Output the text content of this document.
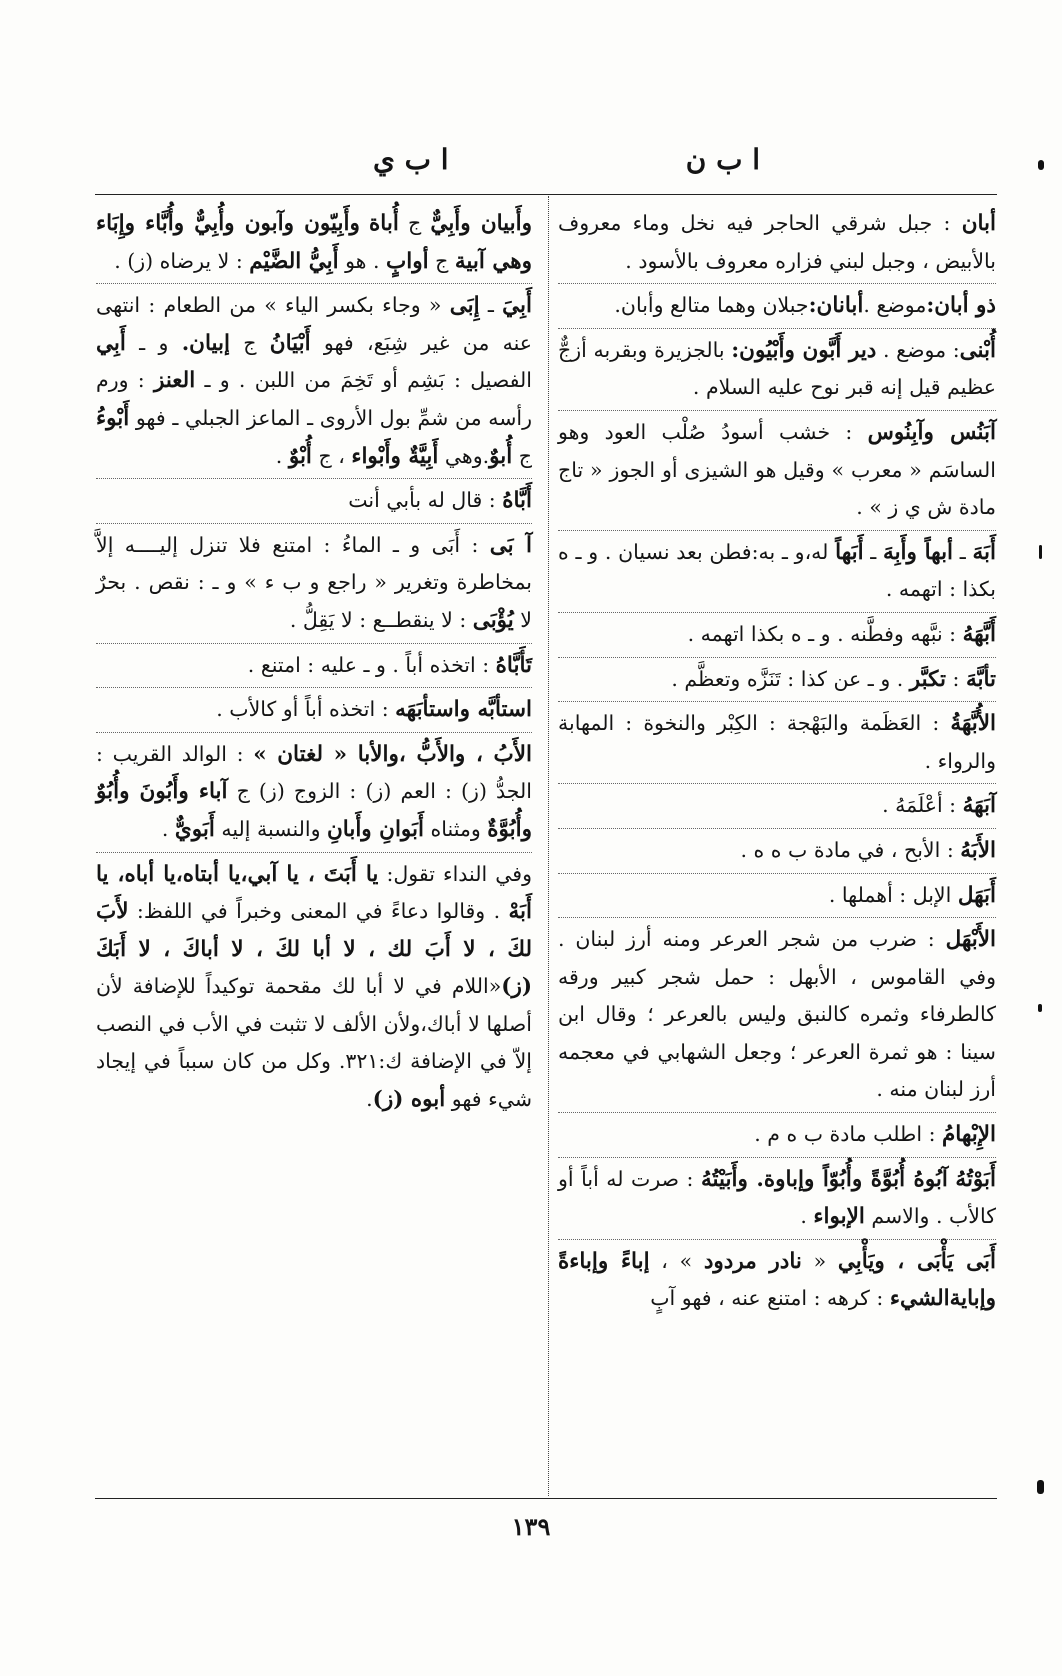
ا ب ن
ا ب ي

أبان : جبل شرقي الحاجر فيه نخل وماء معروف بالأبيض ، وجبل لبني فزاره معروف بالأسود .

ذو أبان:موضع .أبانان:جبلان وهما متالع وأبان.

أُبْنى: موضع . دير أَبَّون وأَبْيُون: بالجزيرة وبقربه أزجٌّ عظيم قيل إنه قبر نوح عليه السلام .

آبَنُس وآبِنُوس : خشب أسودُ صُلْب العود وهو الساسَم « معرب » وقيل هو الشيزى أو الجوز « تاج مادة ش ي ز » .

أَبَهَ ـ أبهاً وأَبِهَ ـ أَبَهاً له،و ـ به:فطن بعد نسيان . و ـ ه بكذا : اتهمه .

أَبَّهَهُ : نبَّهه وفطَّنه . و ـ ه بكذا اتهمه .

تأبَّهَ : تكبَّر . و ـ عن كذا : تَنَزَّه وتعظَّم .

الأُبَّهَةُ : العَظَمة والبَهْجة : الكِبْر والنخوة : المهابة والرواء .

آبَهَهُ : أعْلَمَهُ .

الأَبَهُ : الأبح ، في مادة ب ه ه .

أَبَهَل الإبل : أهملها .

الأَبْهَل : ضرب من شجر العرعر ومنه أرز لبنان . وفي القاموس ، الأبهل : حمل شجر كبير ورقه كالطرفاء وثمره كالنبق وليس بالعرعر ؛ وقال ابن سينا : هو ثمرة العرعر ؛ وجعل الشهابي في معجمه أرز لبنان منه .

الإِبْهامُ : اطلب مادة ب ه م .

أَبَوْتُهُ آبُوهُ أُبُوَّةً وأُبُوّاً وإباوة. وأَبَيْتُهُ : صرت له أباً أو كالأب . والاسم الإبواء .

أَبَى يَأْبَى ، ويَأْبِي « نادر مردود » ، إباءً وإباءةً وإبايةالشيء : كرهه : امتنع عنه ، فهو آبٍ

وأَبيان وأَبِيٌّ ج أُباة وأَبِيّون وآبون وأُبِيٌّ وأُبَّاء وإِبَاء وهي آبية ج أوابٍ . هو أَبِيُّ الضَّيْم : لا يرضاه (ز) .

أَبِيَ ـ إِبَى « وجاء بكسر الياء » من الطعام : انتهى عنه من غير شِبَع، فهو أَبْيَانُ ج إبيان. و ـ أَبِي الفصيل : بَشِم أو تَخِمَ من اللبن . و ـ العنز : ورم رأسه من شمِّ بول الأروى ـ الماعز الجبلي ـ فهو أَبْوءُ ج أُبوٌ.وهي أَبِيَّةٌ وأَبْواء ، ج أُبْوٌ .

أَبَّاهُ : قال له بأبي أنت

آ بَى : أَبَى و ـ الماءُ : امتنع فلا تنزل إليــــه إلاَّ بمخاطرة وتغرير « راجع و ب ء » و ـ : نقص . بحرٌ لا يُؤْبَى : لا ينقطــع : لا يَقِلُّ .

تَأَبَّاهُ : اتخذه أباً . و ـ عليه : امتنع .

استأبَّه واستأبَهَه : اتخذه أباً أو كالأب .

الأَبُ ، والأَبُّ ،والأبا « لغتان » : الوالد القريب : الجدُّ (ز) : العم (ز) : الزوج (ز) ج آباء وأَبُونَ وأُبُوٌ وأُبُوَّةٌ ومثناه أَبَوانِ وأَبانِ والنسبة إليه أَبَويٌّ .

وفي النداء تقول: يا أَبَتَ ، يا آبي،يا أبتاه،يا أباه، يا أَبَهْ . وقالوا دعاءً في المعنى وخبراً في اللفظ: لأَبَ لكَ ، لا أَبَ لك ، لا أبا لكَ ، لا أباكَ ، لا أَبَكَ (ز)«اللام في لا أبا لك مقحمة توكيداً للإضافة لأن أصلها لا أباك،ولأن الألف لا تثبت في الأب في النصب إلاّ في الإضافة ك:٣٢١. وكل من كان سبباً في إيجاد شيء فهو أبوه (ز).

١٣٩
